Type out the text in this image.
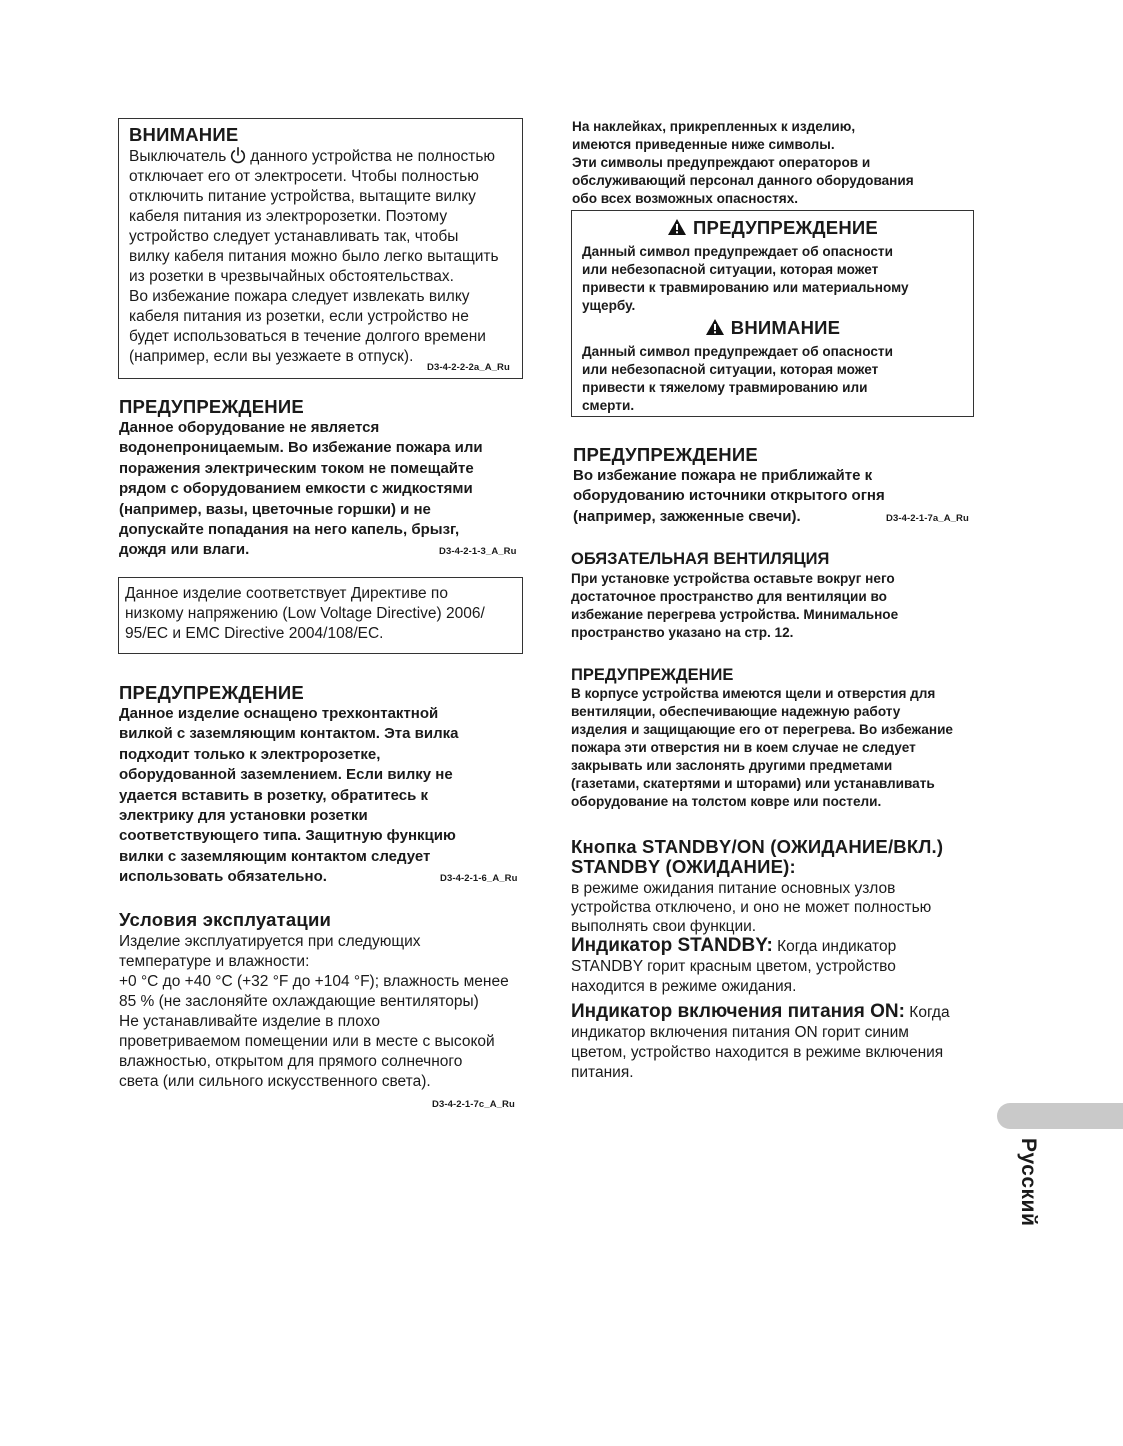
ВНИМАНИЕ
Выключатель данного устройства не полностью
отключает его от электросети. Чтобы полностью
отключить питание устройства, вытащите вилку
кабеля питания из электророзетки. Поэтому
устройство следует устанавливать так, чтобы
вилку кабеля питания можно было легко вытащить
из розетки в чрезвычайных обстоятельствах.
Во избежание пожара следует извлекать вилку
кабеля питания из розетки, если устройство не
будет использоваться в течение долгого времени
(например, если вы уезжаете в отпуск).
D3-4-2-2-2a_A_Ru
ПРЕДУПРЕЖДЕНИЕ
Данное оборудование не является
водонепроницаемым. Во избежание пожара или
поражения электрическим током не помещайте
рядом с оборудованием емкости с жидкостями
(например, вазы, цветочные горшки) и не
допускайте попадания на него капель, брызг,
дождя или влаги.	D3-4-2-1-3_A_Ru
Данное изделие соответствует Директиве по
низкому напряжению (Low Voltage Directive) 2006/
95/EC и EMC Directive 2004/108/EC.
ПРЕДУПРЕЖДЕНИЕ
Данное изделие оснащено трехконтактной
вилкой с заземляющим контактом. Эта вилка
подходит только к электророзетке,
оборудованной заземлением. Если вилку не
удается вставить в розетку, обратитесь к
электрику для установки розетки
соответствующего типа. Защитную функцию
вилки с заземляющим контактом следует
использовать обязательно.	D3-4-2-1-6_A_Ru
Условия эксплуатации
Изделие эксплуатируется при следующих
температуре и влажности:
+0 °C до +40 °C (+32 °F до +104 °F); влажность менее
85 % (не заслоняйте охлаждающие вентиляторы)
Не устанавливайте изделие в плохо
проветриваемом помещении или в месте с высокой
влажностью, открытом для прямого солнечного
света (или сильного искусственного света).
D3-4-2-1-7c_A_Ru
На наклейках, прикрепленных к изделию,
имеются приведенные ниже символы.
Эти символы предупреждают операторов и
обслуживающий персонал данного оборудования
обо всех возможных опасностях.
ПРЕДУПРЕЖДЕНИЕ
Данный символ предупреждает об опасности
или небезопасной ситуации, которая может
привести к травмированию или материальному
ущербу.
ВНИМАНИЕ
Данный символ предупреждает об опасности
или небезопасной ситуации, которая может
привести к тяжелому травмированию или
смерти.
ПРЕДУПРЕЖДЕНИЕ
Во избежание пожара не приближайте к
оборудованию источники открытого огня
(например, зажженные свечи).	D3-4-2-1-7a_A_Ru
ОБЯЗАТЕЛЬНАЯ ВЕНТИЛЯЦИЯ
При установке устройства оставьте вокруг него
достаточное пространство для вентиляции во
избежание перегрева устройства. Минимальное
пространство указано на стр. 12.
ПРЕДУПРЕЖДЕНИЕ
В корпусе устройства имеются щели и отверстия для
вентиляции, обеспечивающие надежную работу
изделия и защищающие его от перегрева. Во избежание
пожара эти отверстия ни в коем случае не следует
закрывать или заслонять другими предметами
(газетами, скатертями и шторами) или устанавливать
оборудование на толстом ковре или постели.
Кнопка STANDBY/ON (ОЖИДАНИЕ/ВКЛ.)
STANDBY (ОЖИДАНИЕ):
в режиме ожидания питание основных узлов
устройства отключено, и оно не может полностью
выполнять свои функции.
Индикатор STANDBY: Когда индикатор
STANDBY горит красным цветом, устройство
находится в режиме ожидания.
Индикатор включения питания ON: Когда
индикатор включения питания ON горит синим
цветом, устройство находится в режиме включения
питания.
Русский
